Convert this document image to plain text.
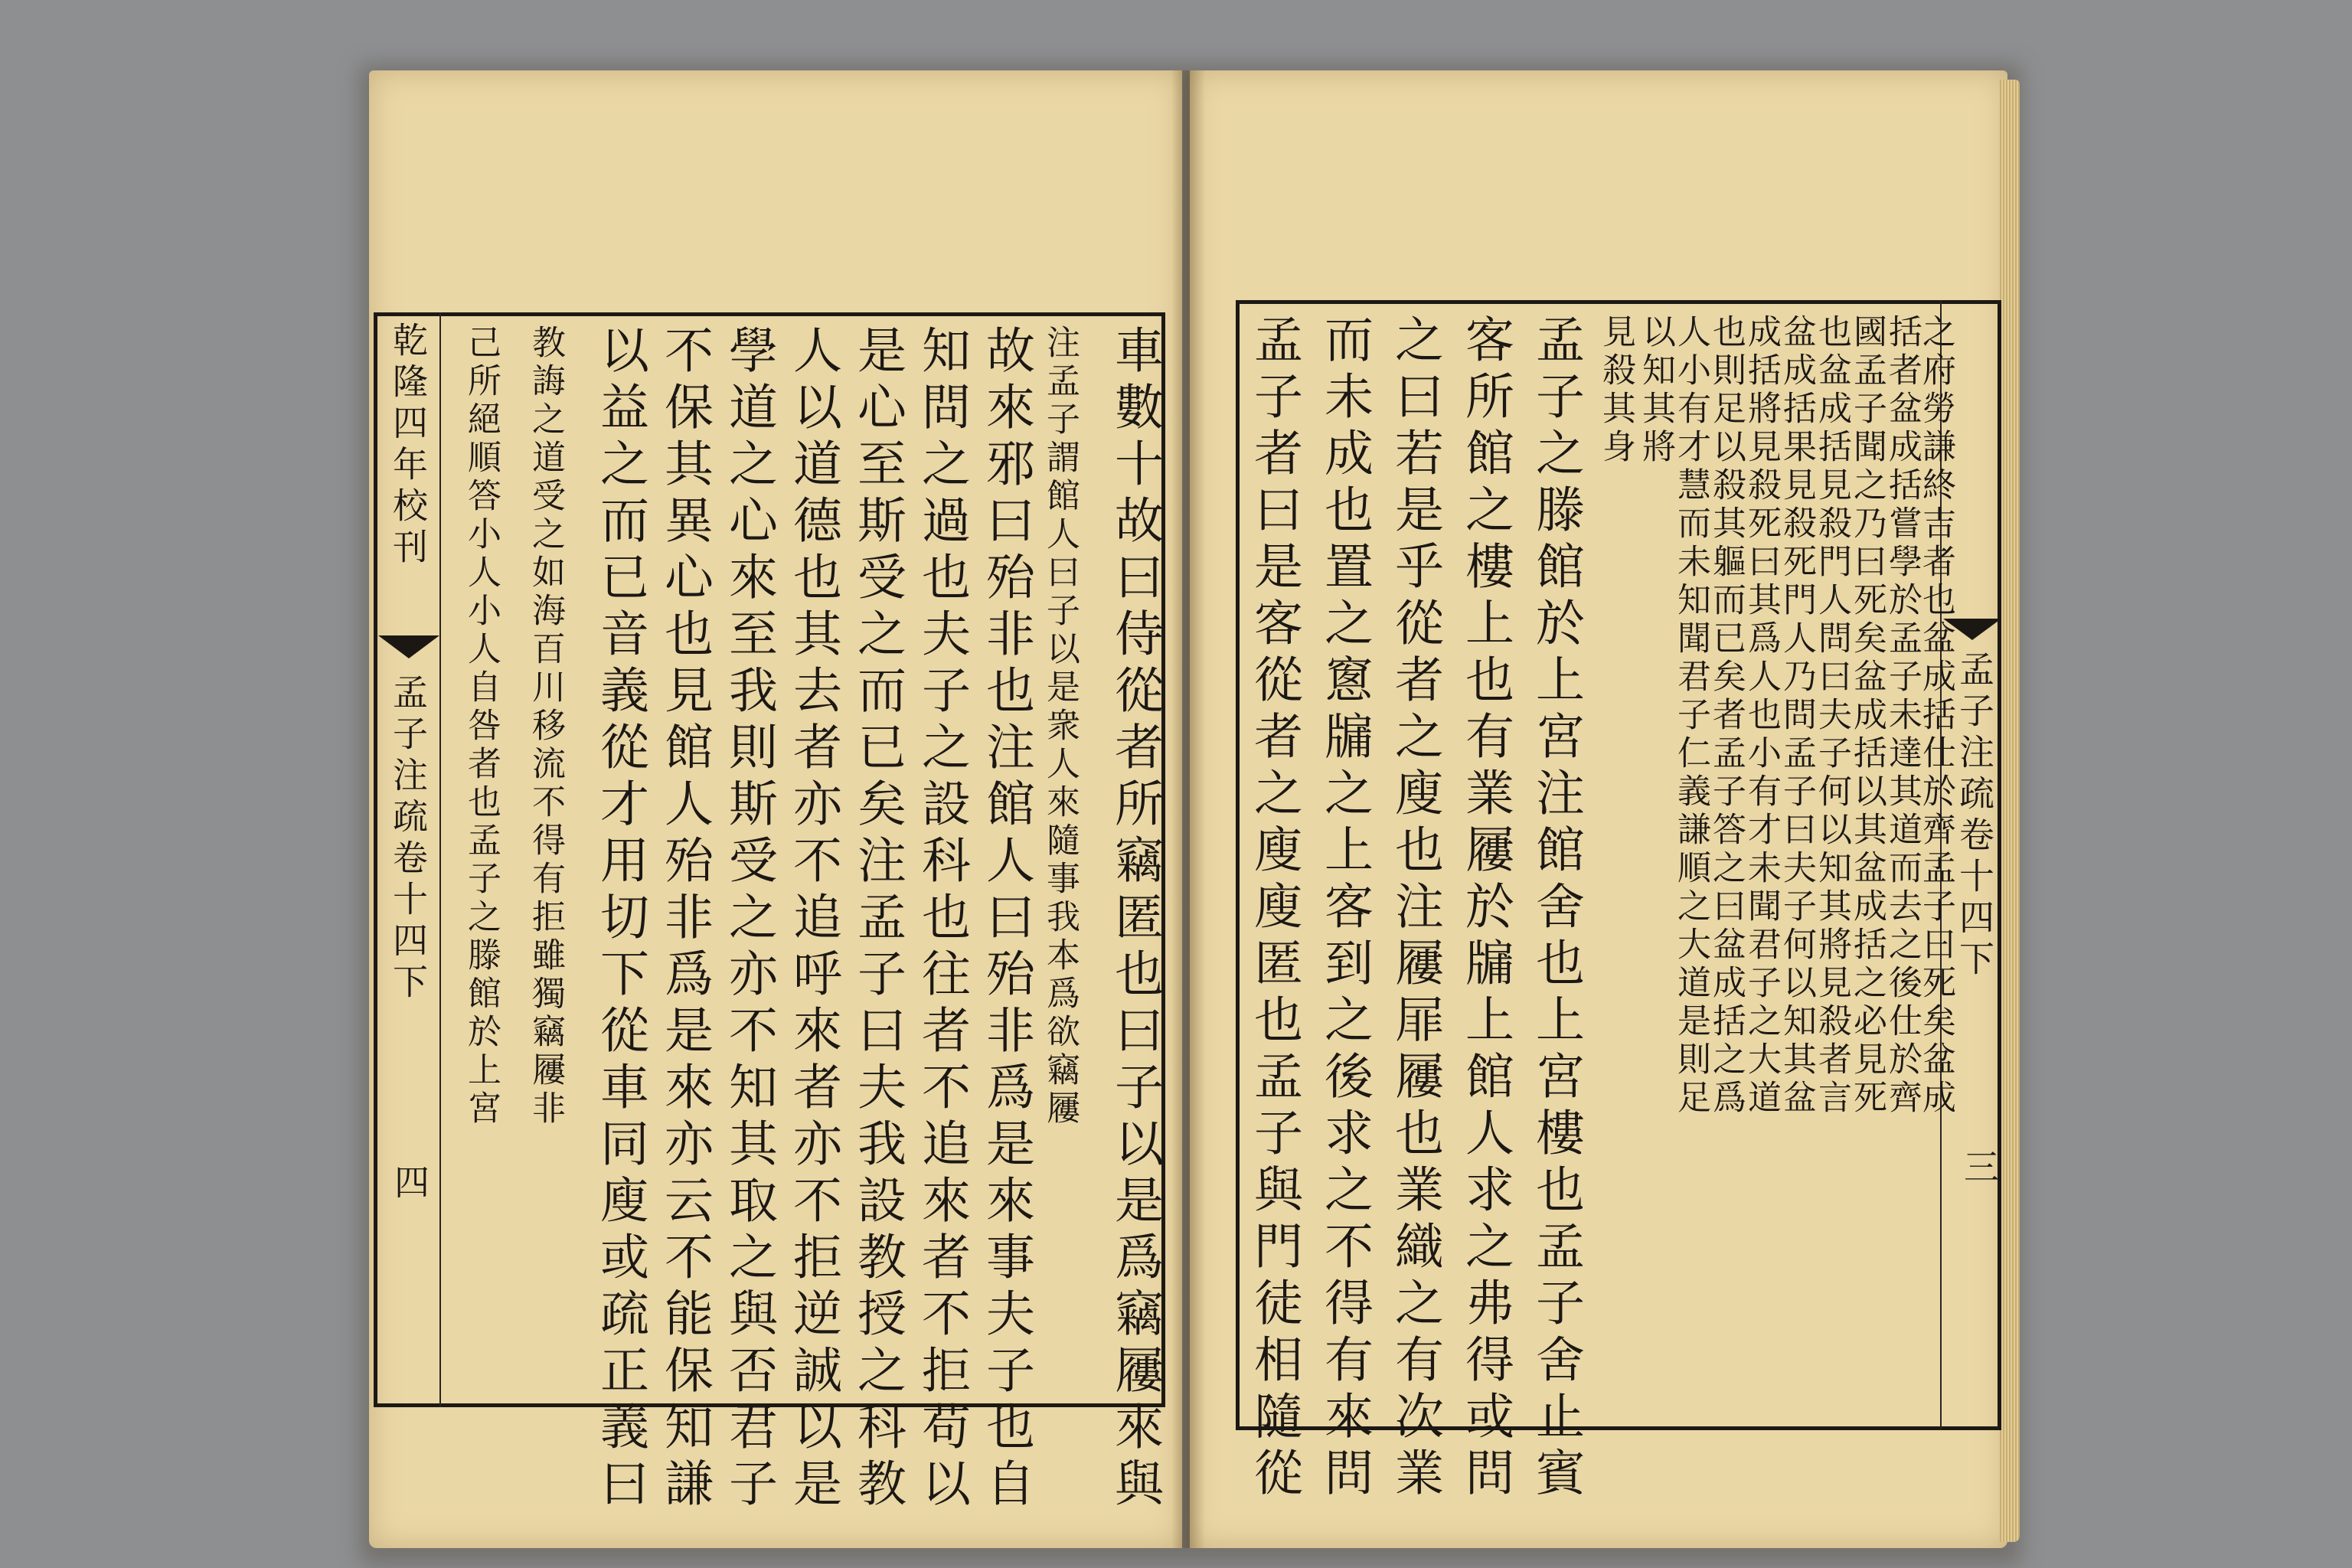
乾隆四年校刊
孟子注疏卷十四下
四
孟子注疏卷十四下
三
車數十故曰侍從者所竊匿也曰子以是爲竊屨來與
注孟子謂館人曰子以是衆人來隨事我本爲欲竊屨
故來邪曰殆非也注館人曰殆非爲是來事夫子也自
知問之過也夫子之設科也往者不追來者不拒苟以
是心至斯受之而已矣注孟子曰夫我設教授之科教
人以道德也其去者亦不追呼來者亦不拒逆誠以是
學道之心來至我則斯受之亦不知其取之與否君子
不保其異心也見館人殆非爲是來亦云不能保知謙
以益之而已音義從才用切下從車同廋或疏正義曰
教誨之道受之如海百川移流不得有拒雖獨竊屨非
己所絕順答小人小人自咎者也孟子之滕館於上宮	孟子者曰是客從者之廋廋匿也孟子與門徒相隨從 而未成也置之窻牖之上客到之後求之不得有來問 之曰若是乎從者之廋也注屨屝屨也業織之有次業 客所館之樓上也有業屨於牖上館人求之弗得或問 孟子之滕館於上宮注館舍也上宮樓也孟子舍止賓 見殺其身 以知其將
人小有才慧而未知聞君子仁義謙順之大道是則足
也則足以殺其軀而已矣者孟子答之曰盆成括之爲
成括將見殺死曰其爲人也小有才未聞君子之大道
盆成括果見殺死門人乃問孟子曰夫子何以知其盆
也盆成括見殺門人問曰夫子何以知其將見殺者言
國孟子聞之乃曰死矣盆成括以其盆成括之必見死
括者盆成括嘗學於孟子未達其道而去之後仕於齊
之府勞謙終吉者也盆成括仕於齊孟子曰死矣盆成
